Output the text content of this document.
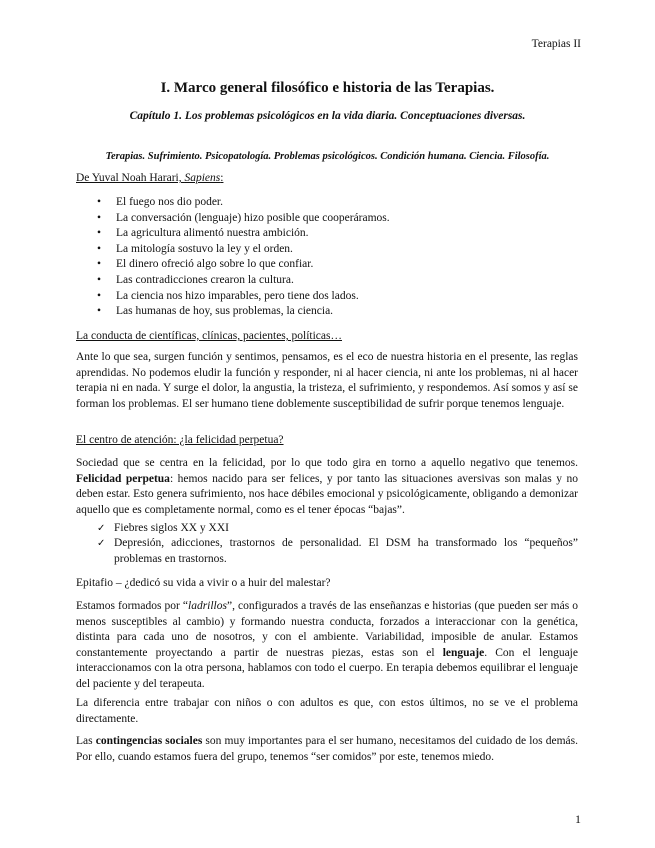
Terapias II
I. Marco general filosófico e historia de las Terapias.
Capítulo 1. Los problemas psicológicos en la vida diaria. Conceptuaciones diversas.
Terapias. Sufrimiento. Psicopatología. Problemas psicológicos. Condición humana. Ciencia. Filosofía.
De Yuval Noah Harari, Sapiens:
• El fuego nos dio poder.
• La conversación (lenguaje) hizo posible que cooperáramos.
• La agricultura alimentó nuestra ambición.
• La mitología sostuvo la ley y el orden.
• El dinero ofreció algo sobre lo que confiar.
• Las contradicciones crearon la cultura.
• La ciencia nos hizo imparables, pero tiene dos lados.
• Las humanas de hoy, sus problemas, la ciencia.
La conducta de científicas, clínicas, pacientes, políticas…

Ante lo que sea, surgen función y sentimos, pensamos, es el eco de nuestra historia en el presente, las reglas aprendidas. No podemos eludir la función y responder, ni al hacer ciencia, ni ante los problemas, ni al hacer terapia ni en nada. Y surge el dolor, la angustia, la tristeza, el sufrimiento, y respondemos. Así somos y así se forman los problemas. El ser humano tiene doblemente susceptibilidad de sufrir porque tenemos lenguaje.

El centro de atención: ¿la felicidad perpetua?

Sociedad que se centra en la felicidad, por lo que todo gira en torno a aquello negativo que tenemos. Felicidad perpetua: hemos nacido para ser felices, y por tanto las situaciones aversivas son malas y no deben estar. Esto genera sufrimiento, nos hace débiles emocional y psicológicamente, obligando a demonizar aquello que es completamente normal, como es el tener épocas “bajas”.

✓ Fiebres siglos XX y XXI
✓ Depresión, adicciones, trastornos de personalidad. El DSM ha transformado los “pequeños” problemas en trastornos.
Epitafio – ¿dedicó su vida a vivir o a huir del malestar?

Estamos formados por “ladrillos”, configurados a través de las enseñanzas e historias (que pueden ser más o menos susceptibles al cambio) y formando nuestra conducta, forzados a interaccionar con la genética, distinta para cada uno de nosotros, y con el ambiente. Variabilidad, imposible de anular. Estamos constantemente proyectando a partir de nuestras piezas, estas son el lenguaje. Con el lenguaje interaccionamos con la otra persona, hablamos con todo el cuerpo. En terapia debemos equilibrar el lenguaje del paciente y del terapeuta.

La diferencia entre trabajar con niños o con adultos es que, con estos últimos, no se ve el problema directamente.

Las contingencias sociales son muy importantes para el ser humano, necesitamos del cuidado de los demás. Por ello, cuando estamos fuera del grupo, tenemos “ser comidos” por este, tenemos miedo.

1
